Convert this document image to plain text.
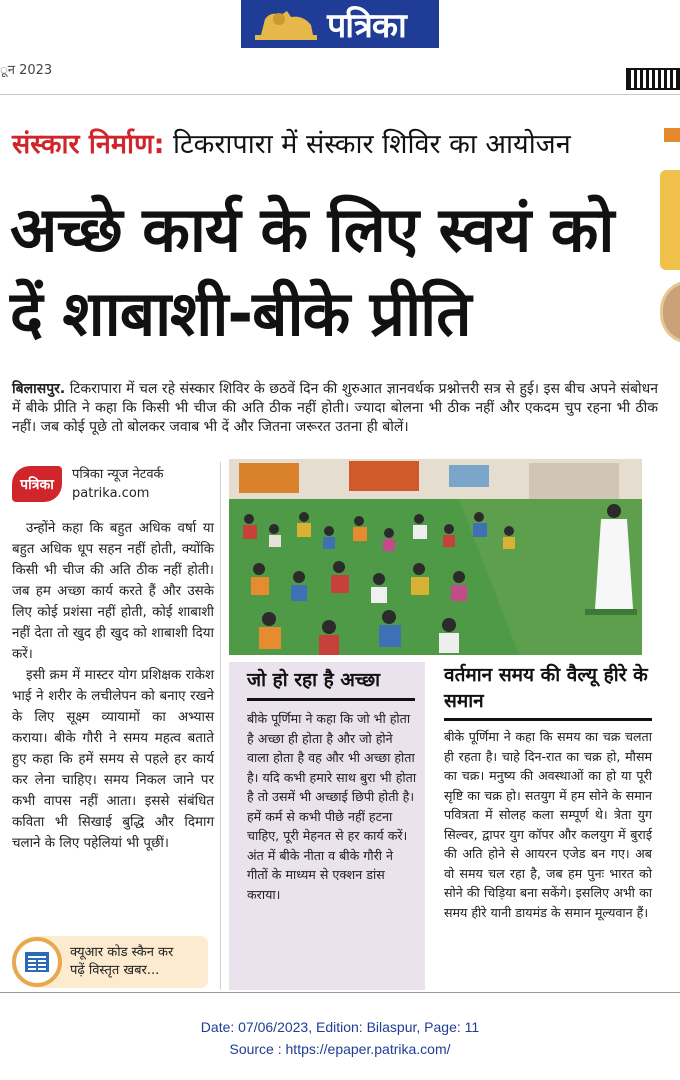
पत्रिका
ून 2023
संस्कार निर्माण: टिकरापारा में संस्कार शिविर का आयोजन
अच्छे कार्य के लिए स्वयं को दें शाबाशी-बीके प्रीति
बिलासपुर. टिकरापारा में चल रहे संस्कार शिविर के छठवें दिन की शुरुआत ज्ञानवर्धक प्रश्नोत्तरी सत्र से हुई। इस बीच अपने संबोधन में बीके प्रीति ने कहा कि किसी भी चीज की अति ठीक नहीं होती। ज्यादा बोलना भी ठीक नहीं और एकदम चुप रहना भी ठीक नहीं। जब कोई पूछे तो बोलकर जवाब भी दें और जितना जरूरत उतना ही बोलें।
पत्रिका
पत्रिका न्यूज नेटवर्क
patrika.com

उन्होंने कहा कि बहुत अधिक वर्षा या बहुत अधिक धूप सहन नहीं होती, क्योंकि किसी भी चीज की अति ठीक नहीं होती। जब हम अच्छा कार्य करते हैं और उसके लिए कोई प्रशंसा नहीं होती, कोई शाबाशी नहीं देता तो खुद ही खुद को शाबाशी दिया करें।

इसी क्रम में मास्टर योग प्रशिक्षक राकेश भाई ने शरीर के लचीलेपन को बनाए रखने के लिए सूक्ष्म व्यायामों का अभ्यास कराया। बीके गौरी ने समय महत्व बताते हुए कहा कि हमें समय से पहले हर कार्य कर लेना चाहिए। समय निकल जाने पर कभी वापस नहीं आता। इससे संबंधित कविता भी सिखाई बुद्धि और दिमाग चलाने के लिए पहेलियां भी पूछीं।

जो हो रहा है अच्छा
बीके पूर्णिमा ने कहा कि जो भी होता है अच्छा ही होता है और जो होने वाला होता है वह और भी अच्छा होता है। यदि कभी हमारे साथ बुरा भी होता है तो उसमें भी अच्छाई छिपी होती है। हमें कर्म से कभी पीछे नहीं हटना चाहिए, पूरी मेहनत से हर कार्य करें। अंत में बीके नीता व बीके गौरी ने गीतों के माध्यम से एक्शन डांस कराया।
वर्तमान समय की वैल्यू हीरे के समान
बीके पूर्णिमा ने कहा कि समय का चक्र चलता ही रहता है। चाहे दिन-रात का चक्र हो, मौसम का चक्र। मनुष्य की अवस्थाओं का हो या पूरी सृष्टि का चक्र हो। सतयुग में हम सोने के समान पवित्रता में सोलह कला सम्पूर्ण थे। त्रेता युग सिल्वर, द्वापर युग कॉपर और कलयुग में बुराई की अति होने से आयरन एजेड बन गए। अब वो समय चल रहा है, जब हम पुनः भारत को सोने की चिड़िया बना सकेंगे। इसलिए अभी का समय हीरे यानी डायमंड के समान मूल्यवान हैं।
क्यूआर कोड स्कैन कर
पढ़ें विस्तृत खबर...
Date: 07/06/2023, Edition: Bilaspur, Page: 11
Source : https://epaper.patrika.com/
